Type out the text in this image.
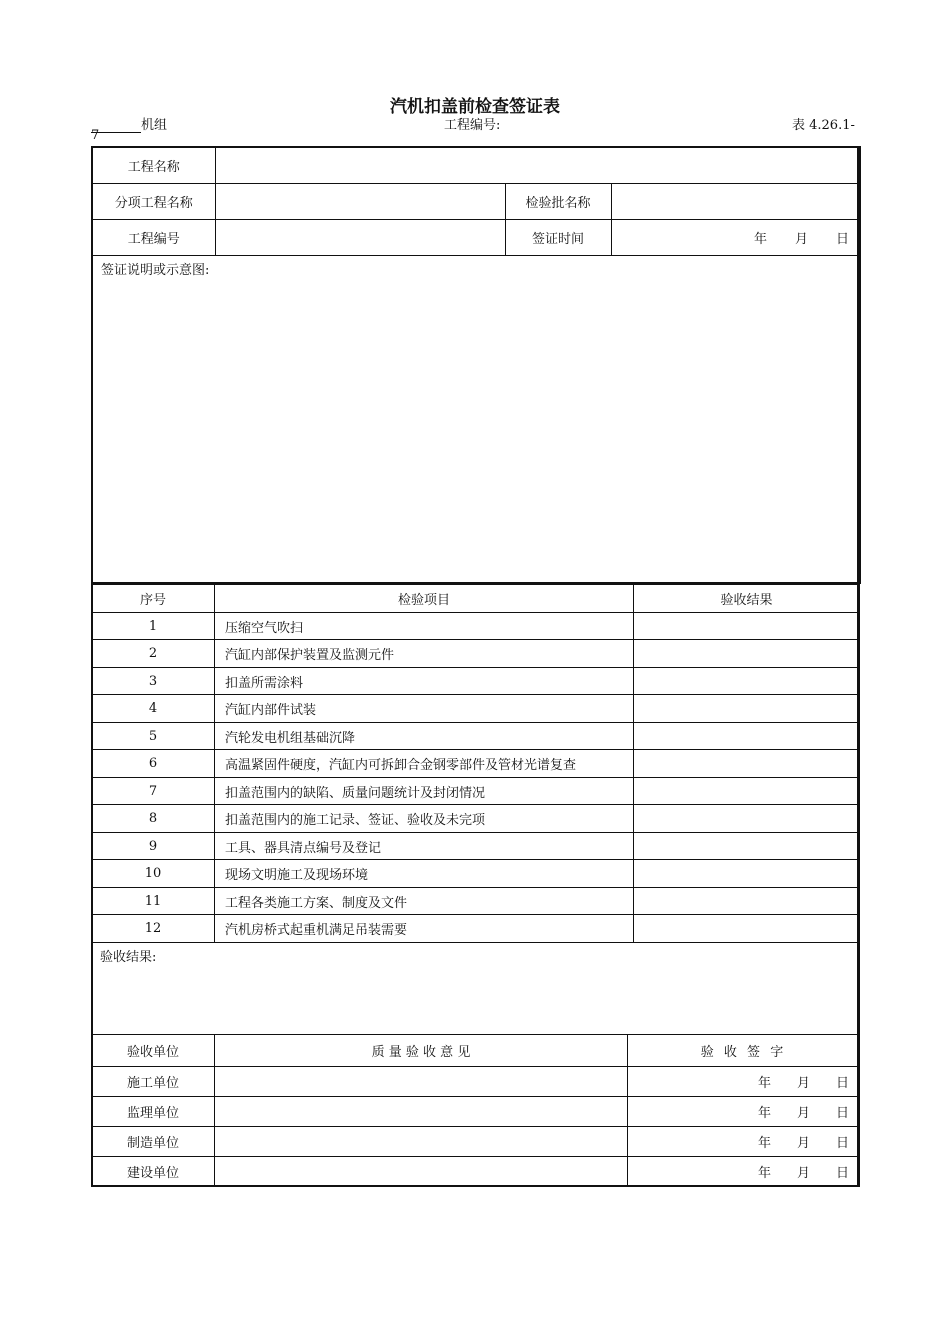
汽机扣盖前检查签证表
机组	工程编号:	表 4.26.1-
7
工程名称			
分项工程名称		检验批名称	
工程编号		签证时间	年 月 日
签证说明或示意图:			
序号	检验项目	验收结果
1	压缩空气吹扫	
2	汽缸内部保护装置及监测元件	
3	扣盖所需涂料	
4	汽缸内部件试装	
5	汽轮发电机组基础沉降	
6	高温紧固件硬度，汽缸内可拆卸合金钢零部件及管材光谱复查	
7	扣盖范围内的缺陷、质量问题统计及封闭情况	
8	扣盖范围内的施工记录、签证、验收及未完项	
9	工具、器具清点编号及登记	
10	现场文明施工及现场环境	
11	工程各类施工方案、制度及文件	
12	汽机房桥式起重机满足吊装需要	
验收结果:		
验收单位	质 量 验 收 意 见	验 收 签 字
施工单位		年 月 日
监理单位		年 月 日
制造单位		年 月 日
建设单位		年 月 日
